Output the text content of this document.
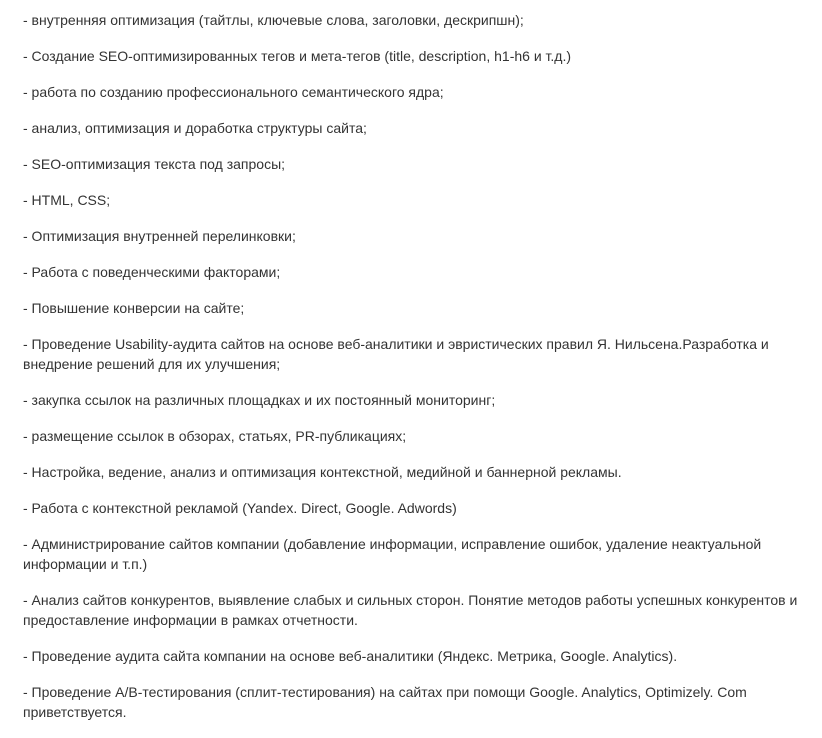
- внутренняя оптимизация (тайтлы, ключевые слова, заголовки, дескрипшн);

- Создание SEO-оптимизированных тегов и мета-тегов (title, description, h1-h6 и т.д.)

- работа по созданию профессионального семантического ядра;

- анализ, оптимизация и доработка структуры сайта;

- SEO-оптимизация текста под запросы;

- HTML, CSS;

- Оптимизация внутренней перелинковки;

- Работа с поведенческими факторами;

- Повышение конверсии на сайте;

- Проведение Usability-аудита сайтов на основе веб-аналитики и эвристических правил Я. Нильсена.Разработка и внедрение решений для их улучшения;

- закупка ссылок на различных площадках и их постоянный мониторинг;

- размещение ссылок в обзорах, статьях, PR-публикациях;

- Настройка, ведение, анализ и оптимизация контекстной, медийной и баннерной рекламы.

- Работа с контекстной рекламой (Yandex. Direct, Google. Adwords)

- Администрирование сайтов компании (добавление информации, исправление ошибок, удаление неактуальной информации и т.п.)

- Анализ сайтов конкурентов, выявление слабых и сильных сторон. Понятие методов работы успешных конкурентов и предоставление информации в рамках отчетности.

- Проведение аудита сайта компании на основе веб-аналитики (Яндекс. Метрика, Google. Analytics).

- Проведение A/B-тестирования (сплит-тестирования) на сайтах при помощи Google. Analytics, Optimizely. Com приветствуется.
